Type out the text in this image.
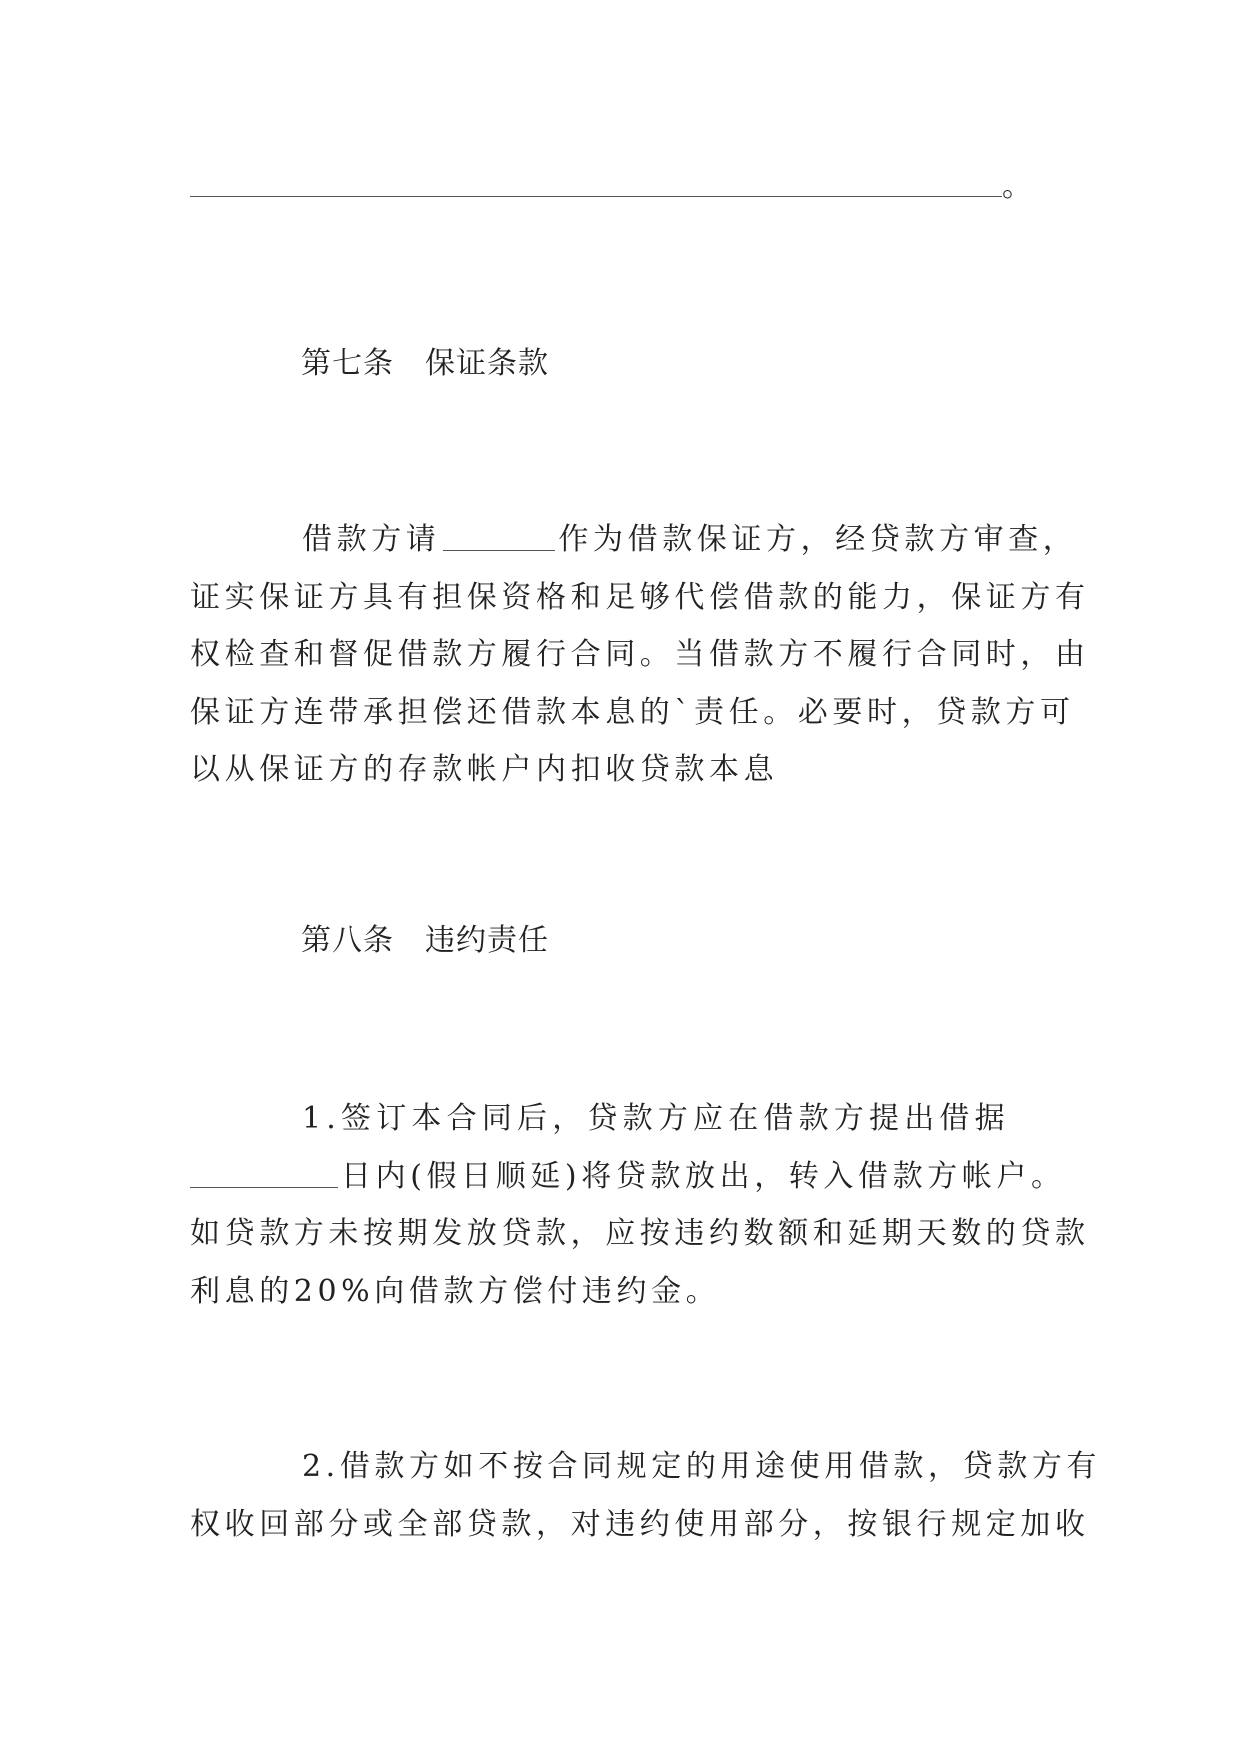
。
第七条　保证条款
借款方请	作为借款保证方，经贷款方审查，
证实保证方具有担保资格和足够代偿借款的能力，保证方有
权检查和督促借款方履行合同。当借款方不履行合同时，由
保证方连带承担偿还借款本息的`责任。必要时，贷款方可
以从保证方的存款帐户内扣收贷款本息
第八条　违约责任
1.签订本合同后，贷款方应在借款方提出借据
日内(假日顺延)将贷款放出，转入借款方帐户。
如贷款方未按期发放贷款，应按违约数额和延期天数的贷款
利息的20%向借款方偿付违约金。
2.借款方如不按合同规定的用途使用借款，贷款方有
权收回部分或全部贷款，对违约使用部分，按银行规定加收
